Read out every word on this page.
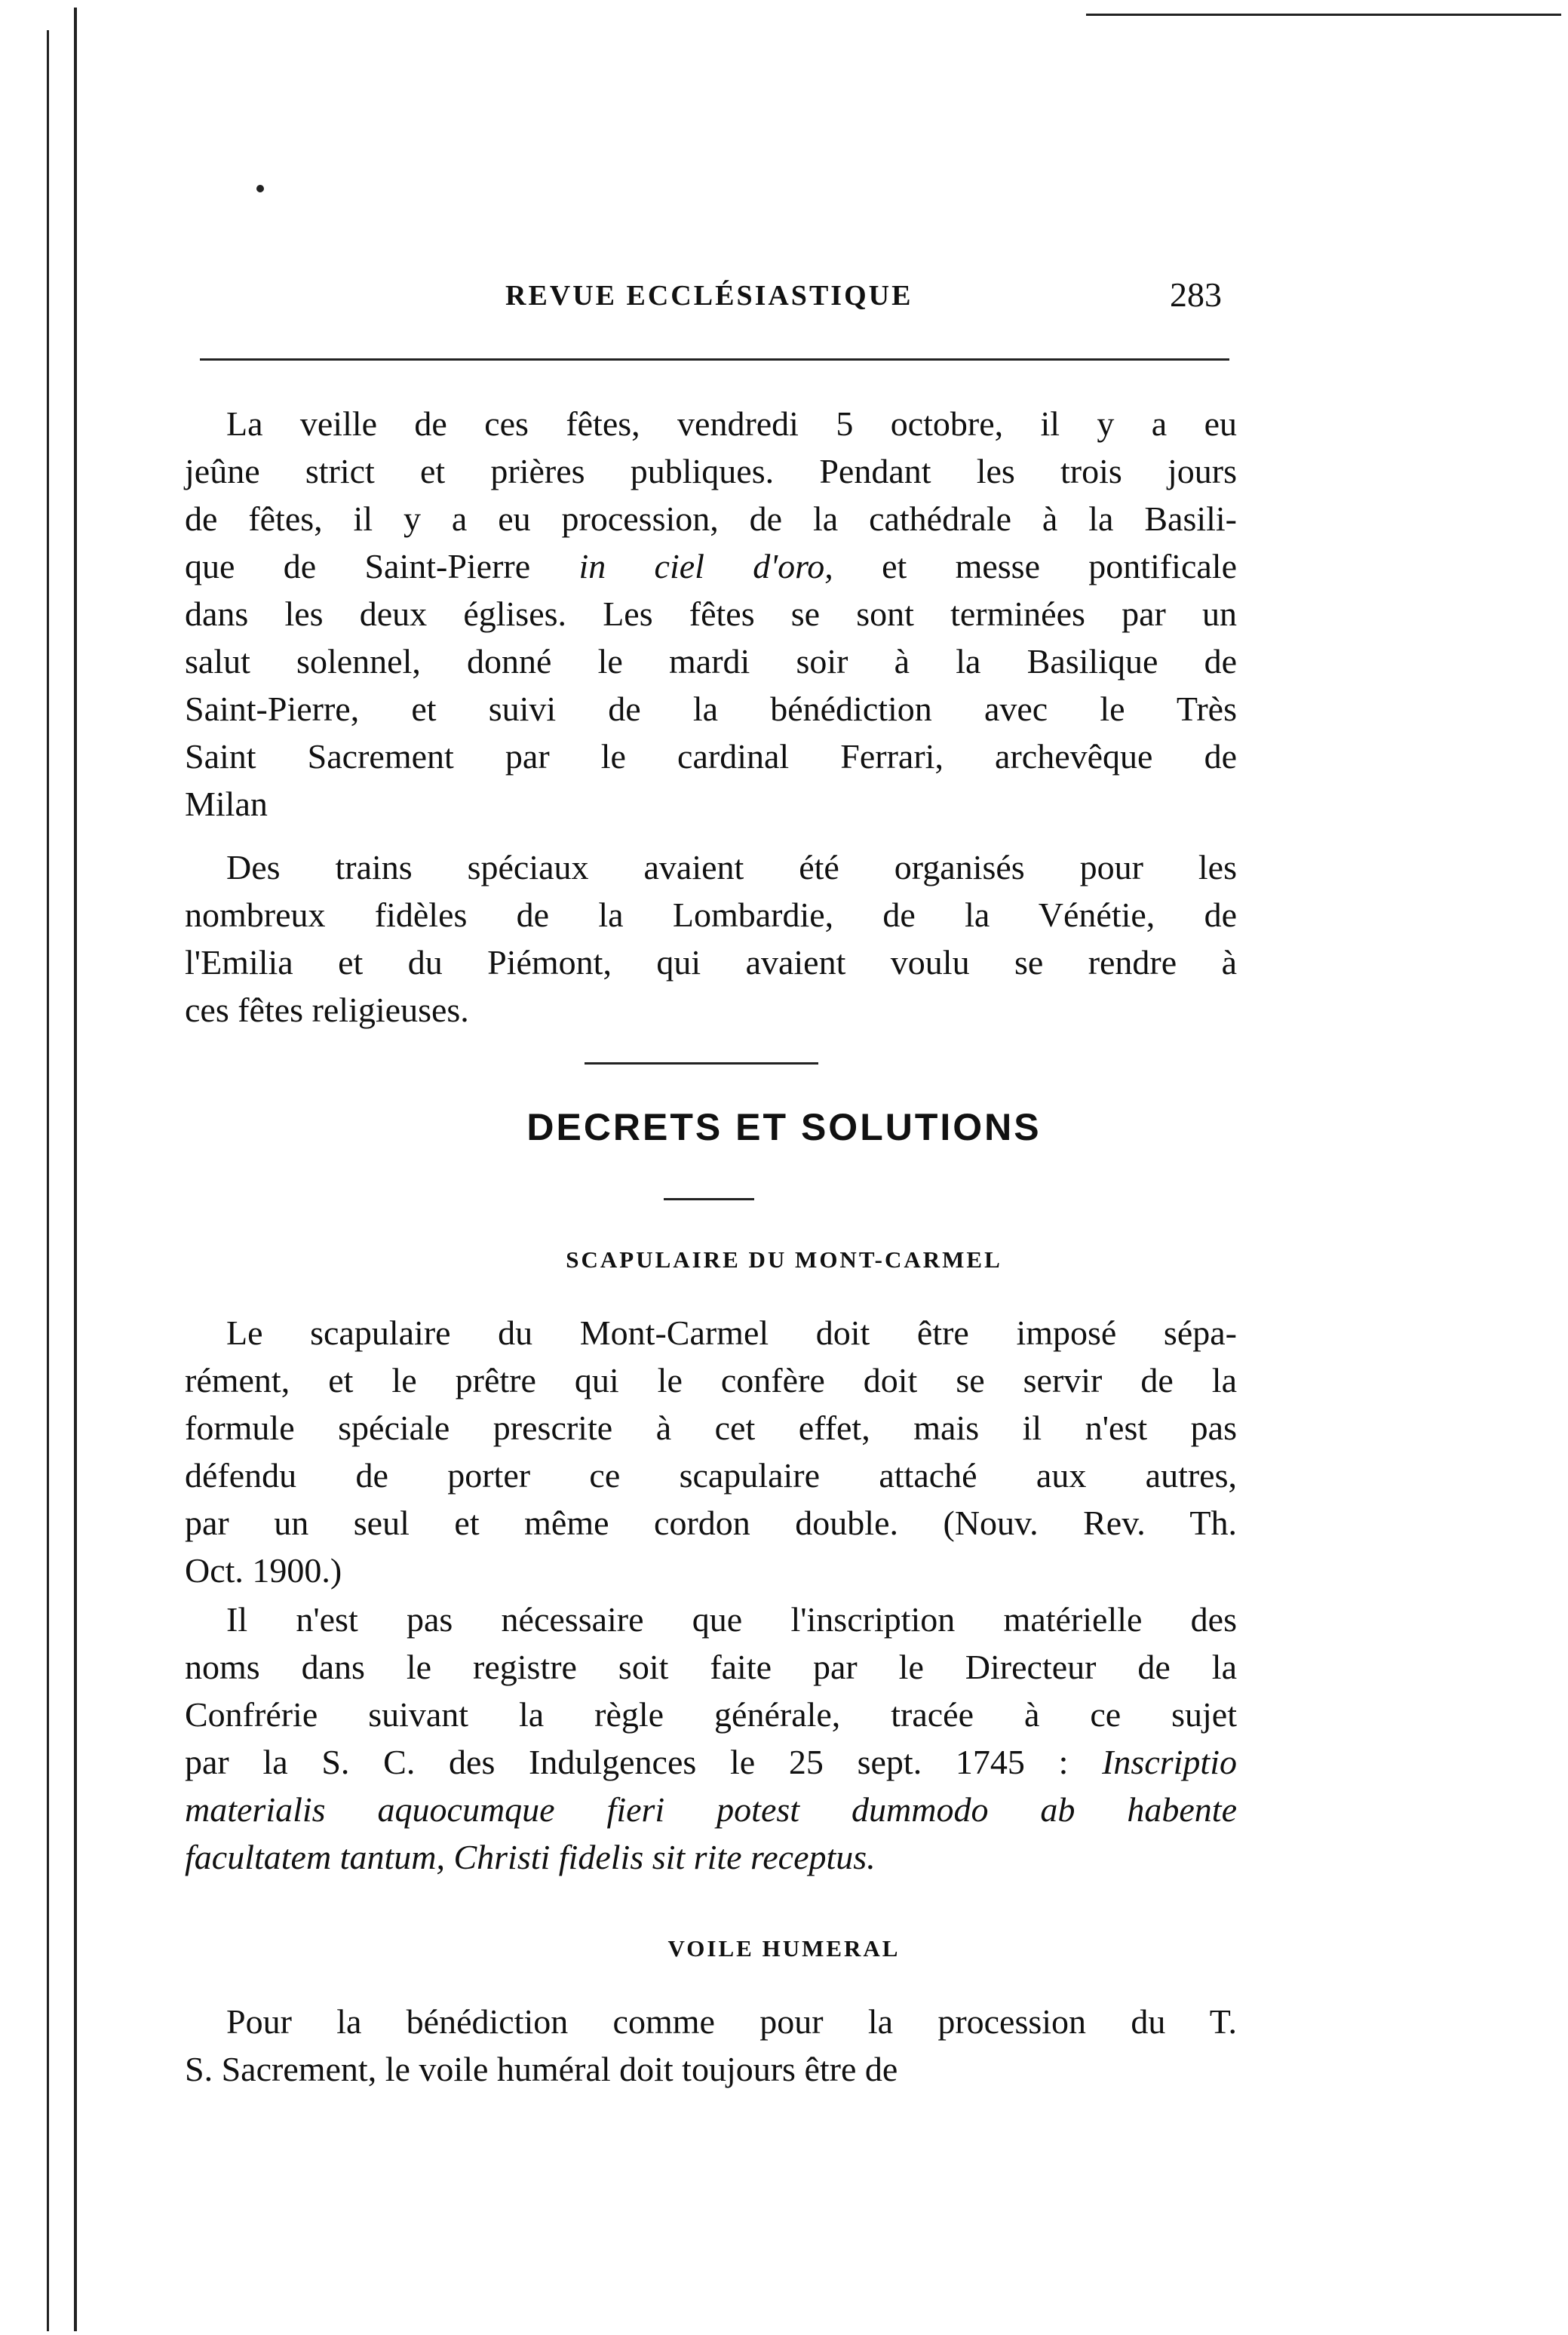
REVUE ECCLÉSIASTIQUE	283
La veille de ces fêtes, vendredi 5 octobre, il y a eu
jeûne strict et prières publiques. Pendant les trois jours
de fêtes, il y a eu procession, de la cathédrale à la Basili-
que de Saint-Pierre in ciel d'oro, et messe pontificale
dans les deux églises. Les fêtes se sont terminées par un
salut solennel, donné le mardi soir à la Basilique de
Saint-Pierre, et suivi de la bénédiction avec le Très
Saint Sacrement par le cardinal Ferrari, archevêque de
Milan
Des trains spéciaux avaient été organisés pour les
nombreux fidèles de la Lombardie, de la Vénétie, de
l'Emilia et du Piémont, qui avaient voulu se rendre à
ces fêtes religieuses.
DECRETS ET SOLUTIONS
SCAPULAIRE DU MONT-CARMEL
Le scapulaire du Mont-Carmel doit être imposé sépa-
rément, et le prêtre qui le confère doit se servir de la
formule spéciale prescrite à cet effet, mais il n'est pas
défendu de porter ce scapulaire attaché aux autres,
par un seul et même cordon double. (Nouv. Rev. Th.
Oct. 1900.)
Il n'est pas nécessaire que l'inscription matérielle des
noms dans le registre soit faite par le Directeur de la
Confrérie suivant la règle générale, tracée à ce sujet
par la S. C. des Indulgences le 25 sept. 1745 : Inscriptio
materialis aquocumque fieri potest dummodo ab habente
facultatem tantum, Christi fidelis sit rite receptus.
VOILE HUMERAL
Pour la bénédiction comme pour la procession du T.
S. Sacrement, le voile huméral doit toujours être de
